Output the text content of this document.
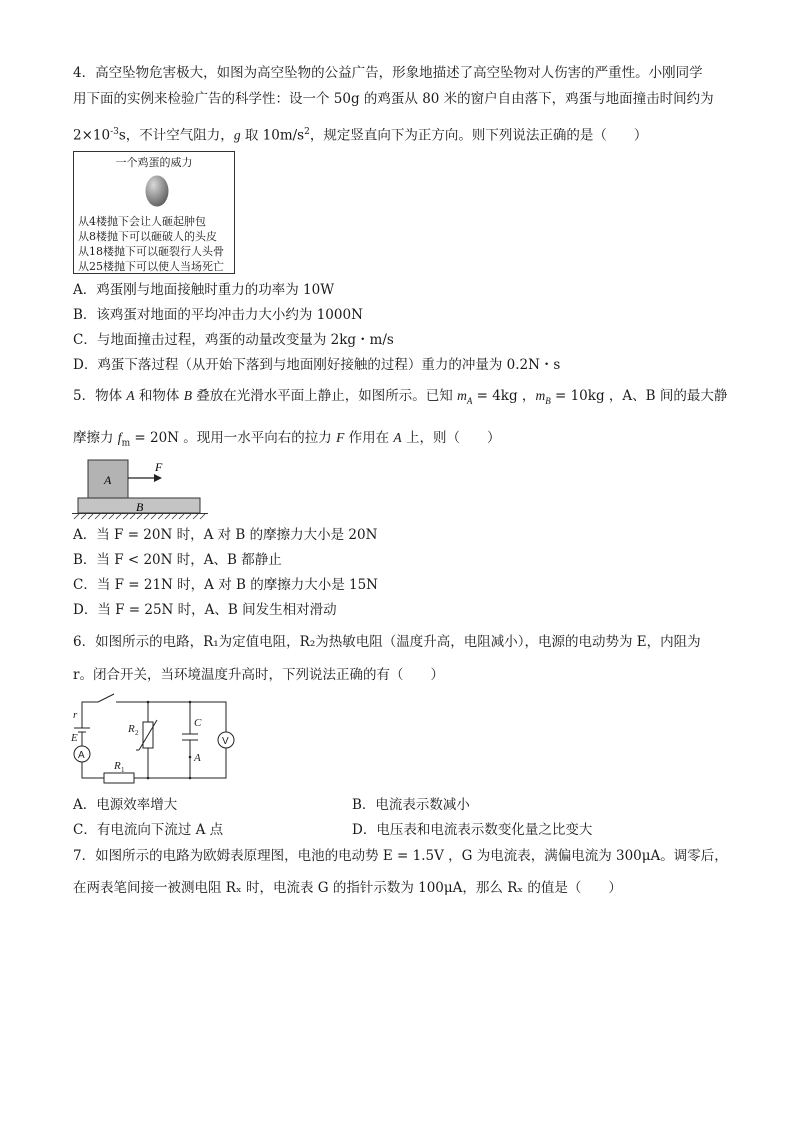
4．高空坠物危害极大，如图为高空坠物的公益广告，形象地描述了高空坠物对人伤害的严重性。小刚同学
用下面的实例来检验广告的科学性：设一个 50g 的鸡蛋从 80 米的窗户自由落下，鸡蛋与地面撞击时间约为
$2\times 10^{-3}s$，不计空气阻力，g 取 $10m/s^2$，规定竖直向下为正方向。则下列说法正确的是（　　）
一个鸡蛋的威力
从4楼抛下会让人砸起肿包
从8楼抛下可以砸破人的头皮
从18楼抛下可以砸裂行人头骨
从25楼抛下可以使人当场死亡
A．鸡蛋刚与地面接触时重力的功率为 10W
B．该鸡蛋对地面的平均冲击力大小约为 1000N
C．与地面撞击过程，鸡蛋的动量改变量为 2kg・m/s
D．鸡蛋下落过程（从开始下落到与地面刚好接触的过程）重力的冲量为 0.2N・s
5．物体 A 和物体 B 叠放在光滑水平面上静止，如图所示。已知 $m_A = 4kg$ ，$m_B = 10kg$ ，A、B 间的最大静
摩擦力 $f_m = 20N$ 。现用一水平向右的拉力 F 作用在 A 上，则（　　）
A
B
F
A．当 F = 20N 时，A 对 B 的摩擦力大小是 20N
B．当 F < 20N 时，A、B 都静止
C．当 F = 21N 时，A 对 B 的摩擦力大小是 15N
D．当 F = 25N 时，A、B 间发生相对滑动
6．如图所示的电路，R₁为定值电阻，R₂为热敏电阻（温度升高，电阻减小），电源的电动势为 E，内阻为
r。闭合开关，当环境温度升高时，下列说法正确的有（　　）
r
E
R 2
R 1
C
A
A
V
A．电源效率增大	B．电流表示数减小
C．有电流向下流过 A 点	D．电压表和电流表示数变化量之比变大
7．如图所示的电路为欧姆表原理图，电池的电动势 E = 1.5V ，G 为电流表，满偏电流为 300μA。调零后，
在两表笔间接一被测电阻 Rₓ 时，电流表 G 的指针示数为 100μA，那么 Rₓ 的值是（　　）
